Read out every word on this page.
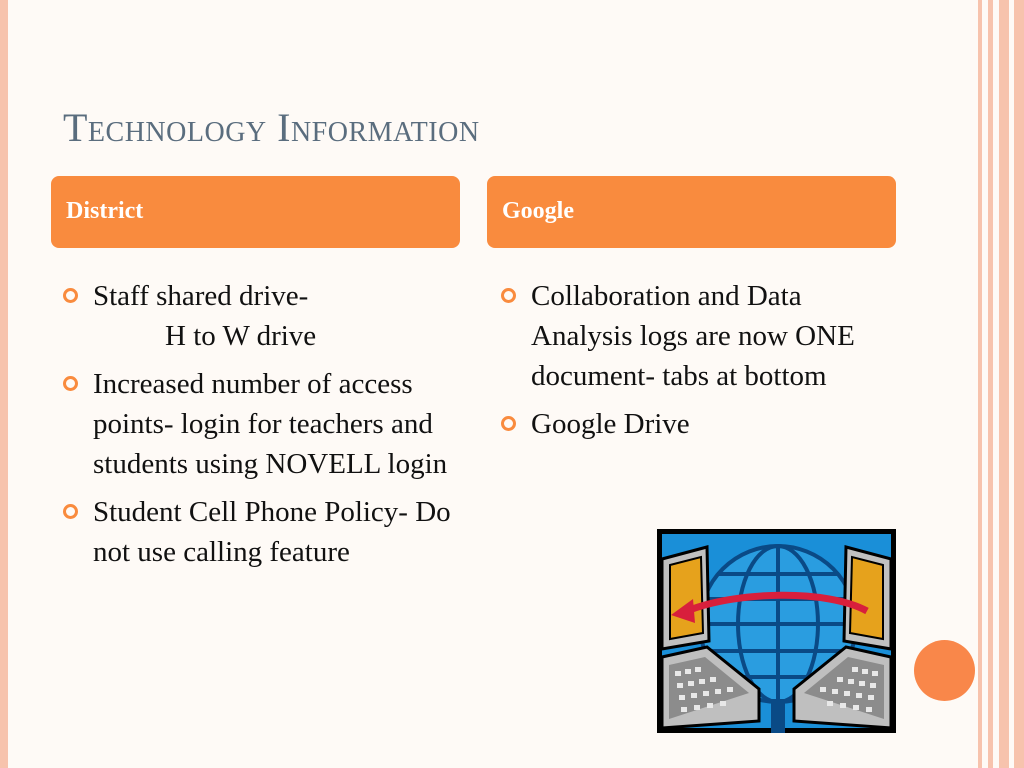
Technology Information
District	Google
Staff shared drive-
H to W drive
Increased number of access points- login for teachers and students using NOVELL login
Student Cell Phone Policy- Do not use calling feature
Collaboration and Data Analysis logs are now ONE document- tabs at bottom
Google Drive
